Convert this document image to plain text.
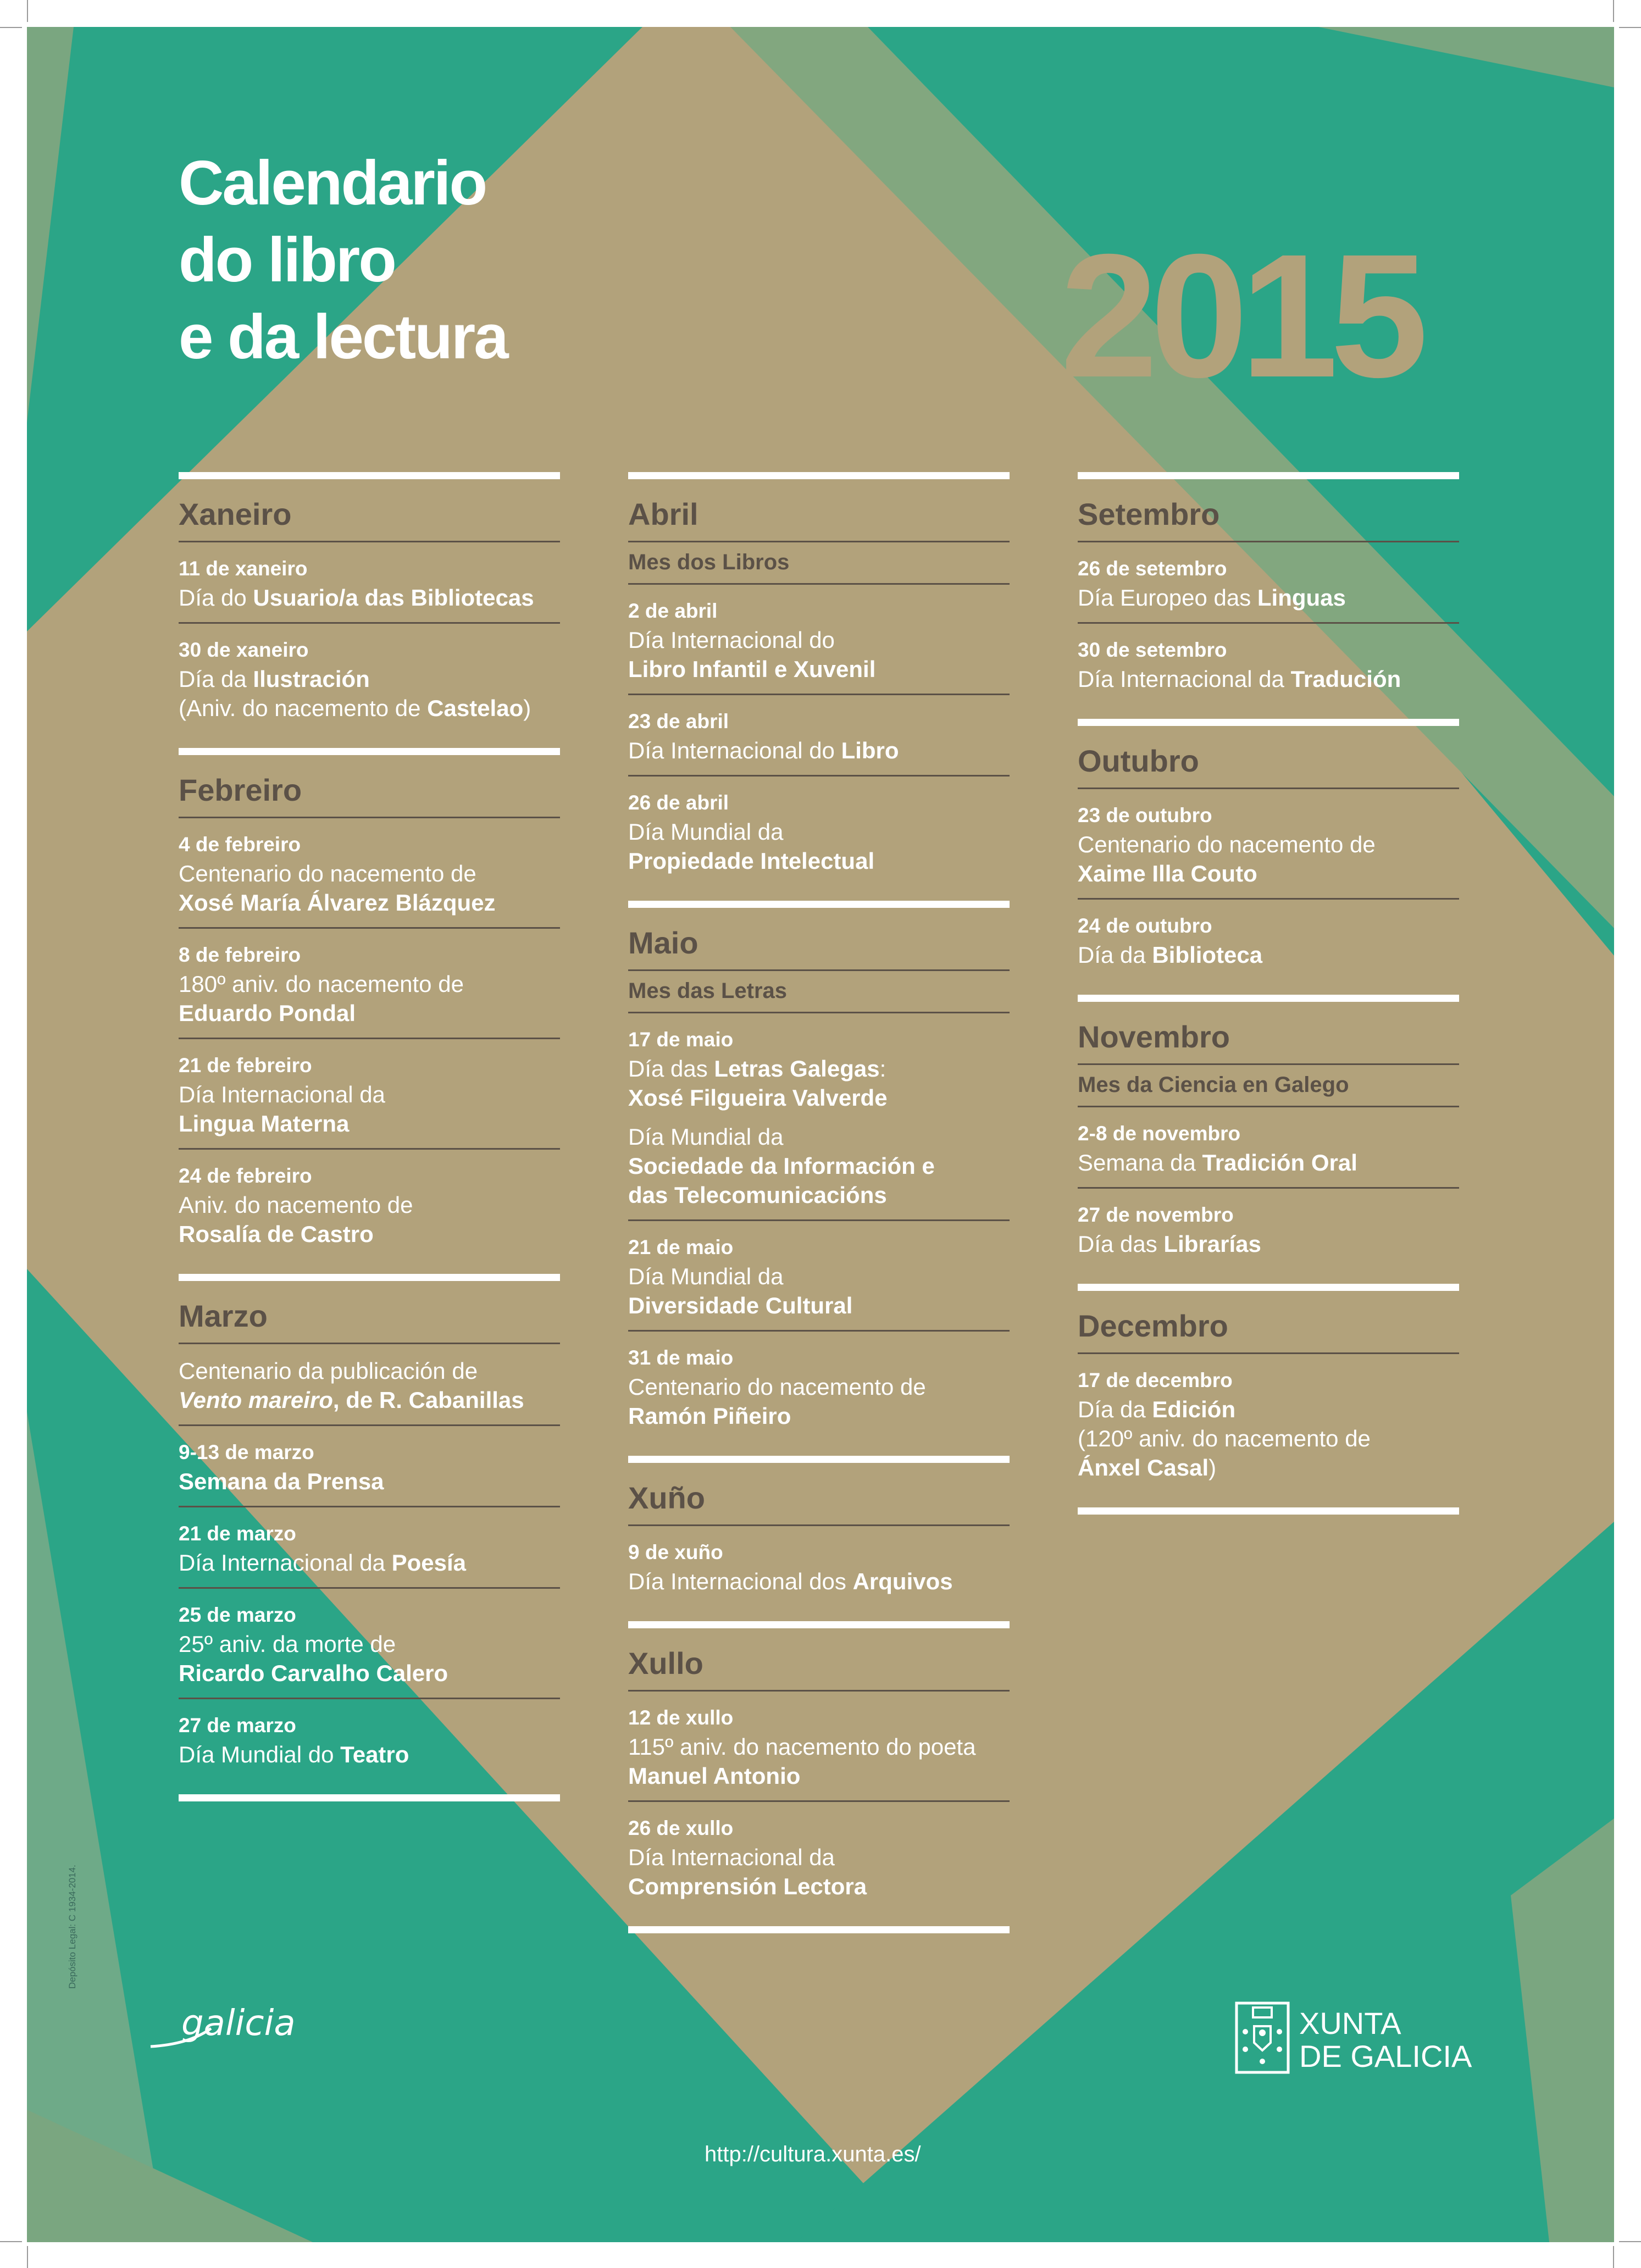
Calendario
do libro
e da lectura	2015
Xaneiro
11 de xaneiro
Día do Usuario/a das Bibliotecas
30 de xaneiro
Día da Ilustración
(Aniv. do nacemento de Castelao)
Febreiro
4 de febreiro
Centenario do nacemento de
Xosé María Álvarez Blázquez
8 de febreiro
180º aniv. do nacemento de
Eduardo Pondal
21 de febreiro
Día Internacional da
Lingua Materna
24 de febreiro
Aniv. do nacemento de
Rosalía de Castro
Marzo
Centenario da publicación de
Vento mareiro, de R. Cabanillas
9-13 de marzo
Semana da Prensa
21 de marzo
Día Internacional da Poesía
25 de marzo
25º aniv. da morte de
Ricardo Carvalho Calero
27 de marzo
Día Mundial do Teatro
Abril
Mes dos Libros
2 de abril
Día Internacional do
Libro Infantil e Xuvenil
23 de abril
Día Internacional do Libro
26 de abril
Día Mundial da
Propiedade Intelectual
Maio
Mes das Letras
17 de maio
Día das Letras Galegas:
Xosé Filgueira Valverde
Día Mundial da
Sociedade da Información e
das Telecomunicacións
21 de maio
Día Mundial da
Diversidade Cultural
31 de maio
Centenario do nacemento de
Ramón Piñeiro
Xuño
9 de xuño
Día Internacional dos Arquivos
Xullo
12 de xullo
115º aniv. do nacemento do poeta
Manuel Antonio
26 de xullo
Día Internacional da
Comprensión Lectora
Setembro
26 de setembro
Día Europeo das Linguas
30 de setembro
Día Internacional da Tradución
Outubro
23 de outubro
Centenario do nacemento de
Xaime Illa Couto
24 de outubro
Día da Biblioteca
Novembro
Mes da Ciencia en Galego
2-8 de novembro
Semana da Tradición Oral
27 de novembro
Día das Librarías
Decembro
17 de decembro
Día da Edición
(120º aniv. do nacemento de
Ánxel Casal)
Depósito Legal: C 1934-2014.
galicia	XUNTA
DE GALICIA
http://cultura.xunta.es/
